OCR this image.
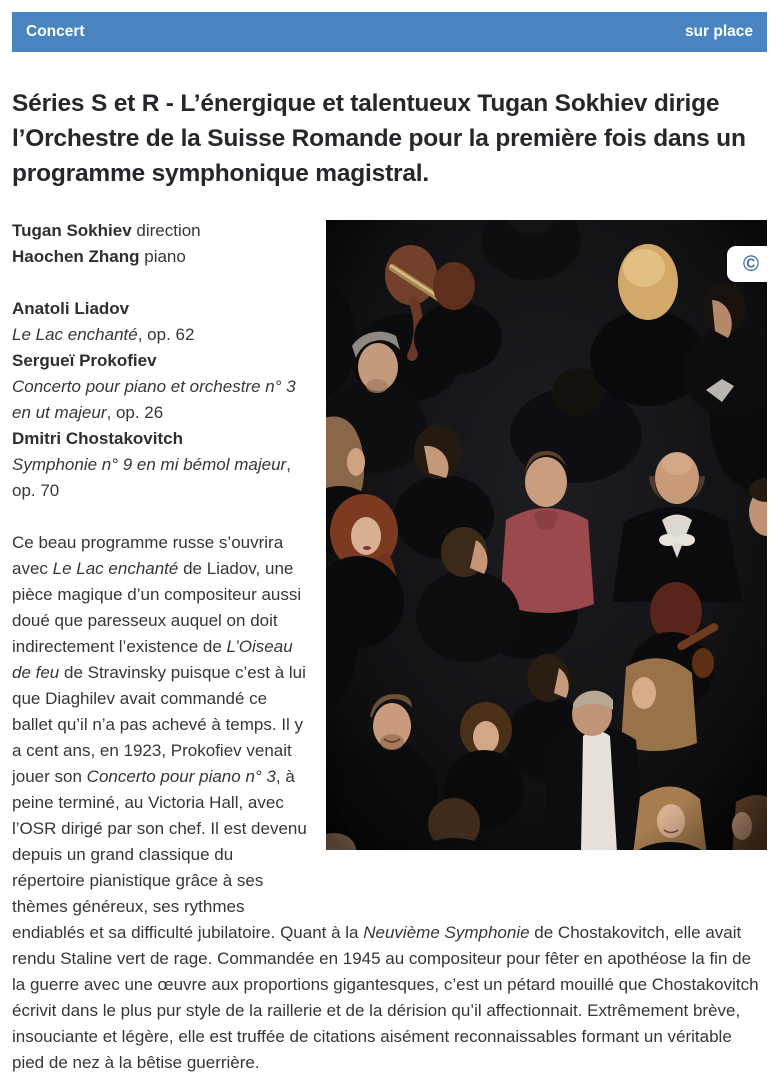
Concert	sur place
Séries S et R - L’énergique et talentueux Tugan Sokhiev dirige l’Orchestre de la Suisse Romande pour la première fois dans un programme symphonique magistral.
©
Tugan Sokhiev direction
Haochen Zhang piano
Anatoli Liadov
Le Lac enchanté, op. 62
Sergueï Prokofiev
Concerto pour piano et orchestre n° 3 en ut majeur, op. 26
Dmitri Chostakovitch
Symphonie n° 9 en mi bémol majeur, op. 70

Ce beau programme russe s’ouvrira avec Le Lac enchanté de Liadov, une pièce magique d’un compositeur aussi doué que paresseux auquel on doit indirectement l’existence de L’Oiseau de feu de Stravinsky puisque c’est à lui que Diaghilev avait commandé ce ballet qu’il n’a pas achevé à temps. Il y a cent ans, en 1923, Prokofiev venait jouer son Concerto pour piano n° 3, à peine terminé, au Victoria Hall, avec l’OSR dirigé par son chef. Il est devenu depuis un grand classique du répertoire pianistique grâce à ses thèmes généreux, ses rythmes endiablés et sa difficulté jubilatoire. Quant à la Neuvième Symphonie de Chostakovitch, elle avait rendu Staline vert de rage. Commandée en 1945 au compositeur pour fêter en apothéose la fin de la guerre avec une œuvre aux proportions gigantesques, c’est un pétard mouillé que Chostakovitch écrivit dans le plus pur style de la raillerie et de la dérision qu’il affectionnait. Extrêmement brève, insouciante et légère, elle est truffée de citations aisément reconnaissables formant un véritable pied de nez à la bêtise guerrière.
